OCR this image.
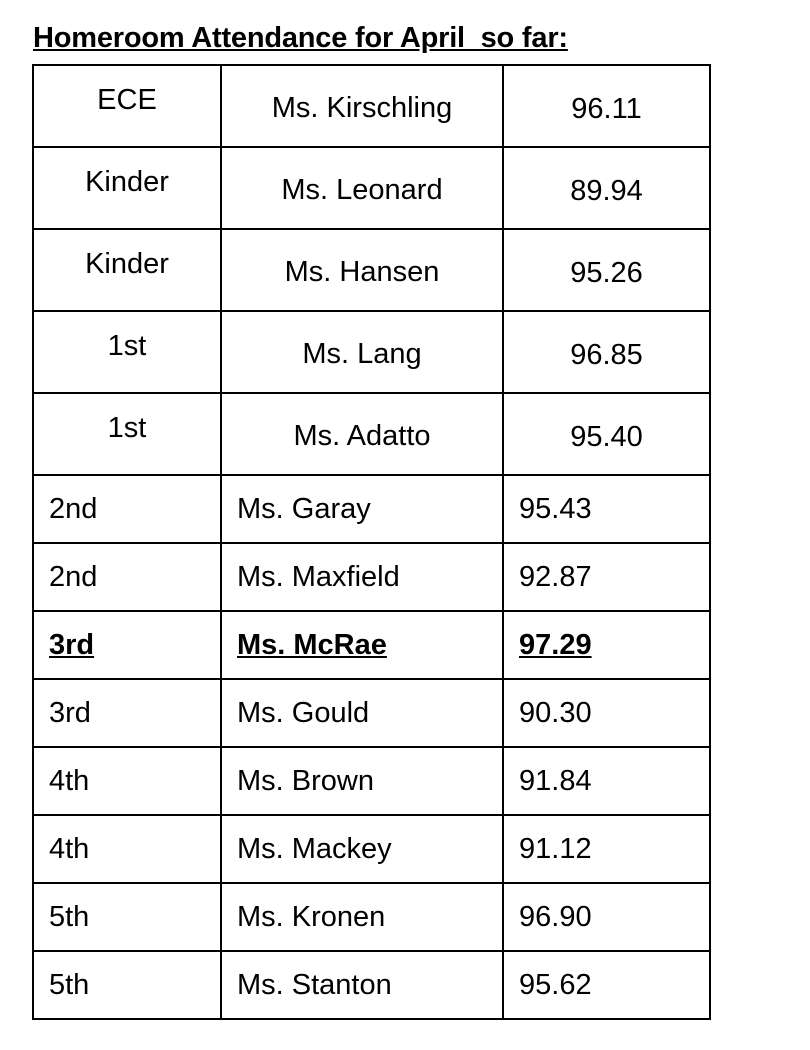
Homeroom Attendance for April  so far:
ECE	Ms. Kirschling	96.11
Kinder	Ms. Leonard	89.94
Kinder	Ms. Hansen	95.26
1st	Ms. Lang	96.85
1st	Ms. Adatto	95.40
2nd	Ms. Garay	95.43
2nd	Ms. Maxfield	92.87
3rd	Ms. McRae	97.29
3rd	Ms. Gould	90.30
4th	Ms. Brown	91.84
4th	Ms. Mackey	91.12
5th	Ms. Kronen	96.90
5th	Ms. Stanton	95.62
